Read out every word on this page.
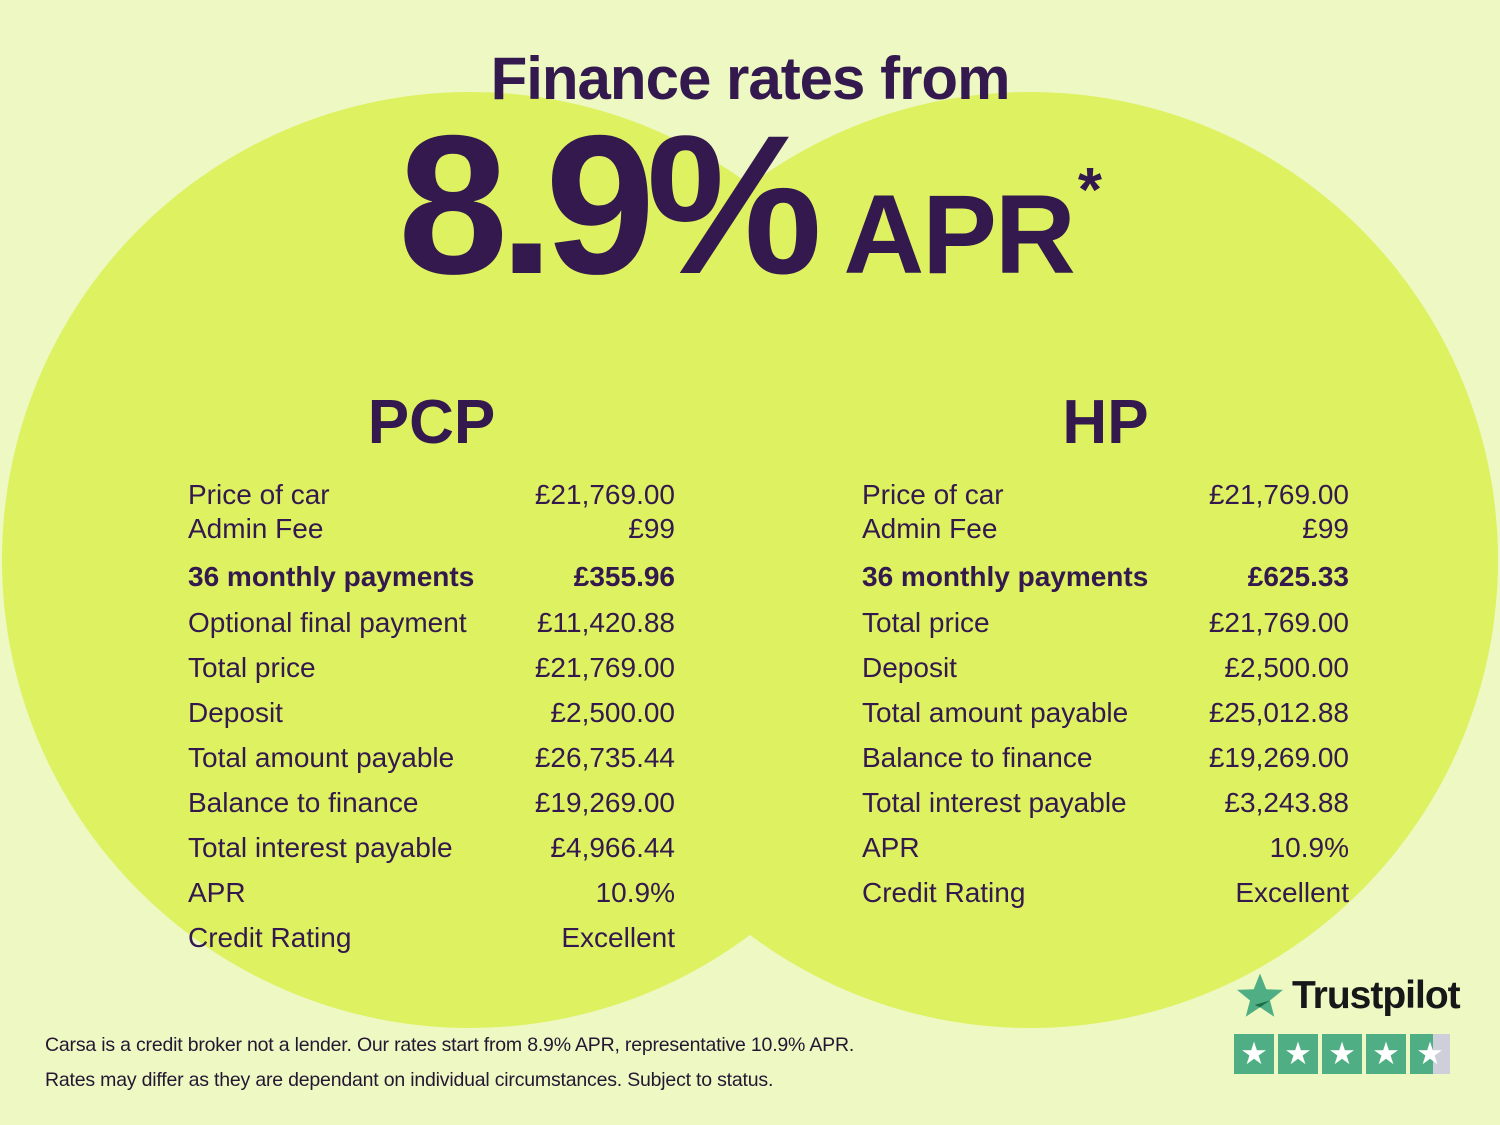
Finance rates from
8.9% APR *
PCP
Price of car	£21,769.00
Admin Fee	£99
36 monthly payments	£355.96
Optional final payment	£11,420.88
Total price	£21,769.00
Deposit	£2,500.00
Total amount payable	£26,735.44
Balance to finance	£19,269.00
Total interest payable	£4,966.44
APR	10.9%
Credit Rating	Excellent
HP
Price of car	£21,769.00
Admin Fee	£99
36 monthly payments	£625.33
Total price	£21,769.00
Deposit	£2,500.00
Total amount payable	£25,012.88
Balance to finance	£19,269.00
Total interest payable	£3,243.88
APR	10.9%
Credit Rating	Excellent
Carsa is a credit broker not a lender. Our rates start from 8.9% APR, representative 10.9% APR.
Rates may differ as they are dependant on individual circumstances. Subject to status.
Trustpilot
★ ★ ★ ★ ★
